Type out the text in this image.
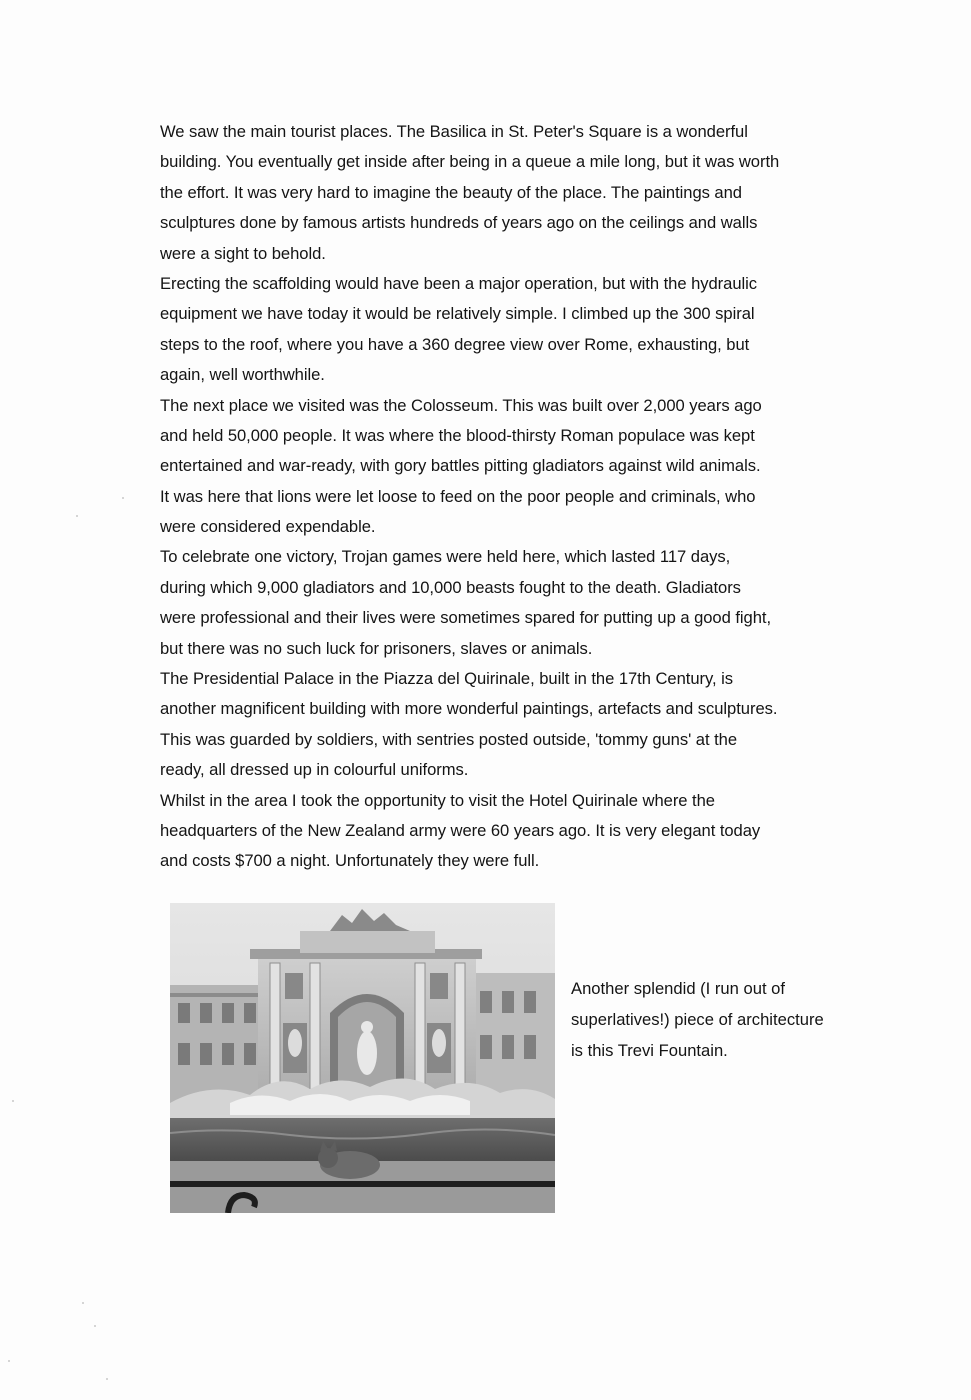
We saw the main tourist places. The Basilica in St. Peter's Square is a wonderful
building. You eventually get inside after being in a queue a mile long, but it was worth
the effort. It was very hard to imagine the beauty of the place. The paintings and
sculptures done by famous artists hundreds of years ago on the ceilings and walls
were a sight to behold.
Erecting the scaffolding would have been a major operation, but with the hydraulic
equipment we have today it would be relatively simple. I climbed up the 300 spiral
steps to the roof, where you have a 360 degree view over Rome, exhausting, but
again, well worthwhile.
The next place we visited was the Colosseum. This was built over 2,000 years ago
and held 50,000 people. It was where the blood-thirsty Roman populace was kept
entertained and war-ready, with gory battles pitting gladiators against wild animals.
It was here that lions were let loose to feed on the poor people and criminals, who
were considered expendable.
To celebrate one victory, Trojan games were held here, which lasted 117 days,
during which 9,000 gladiators and 10,000 beasts fought to the death. Gladiators
were professional and their lives were sometimes spared for putting up a good fight,
but there was no such luck for prisoners, slaves or animals.
The Presidential Palace in the Piazza del Quirinale, built in the 17th Century, is
another magnificent building with more wonderful paintings, artefacts and sculptures.
This was guarded by soldiers, with sentries posted outside, 'tommy guns' at the
ready, all dressed up in colourful uniforms.
Whilst in the area I took the opportunity to visit the Hotel Quirinale where the
headquarters of the New Zealand army were 60 years ago. It is very elegant today
and costs $700 a night. Unfortunately they were full.
Another splendid (I run out of
superlatives!) piece of architecture
is this Trevi Fountain.
